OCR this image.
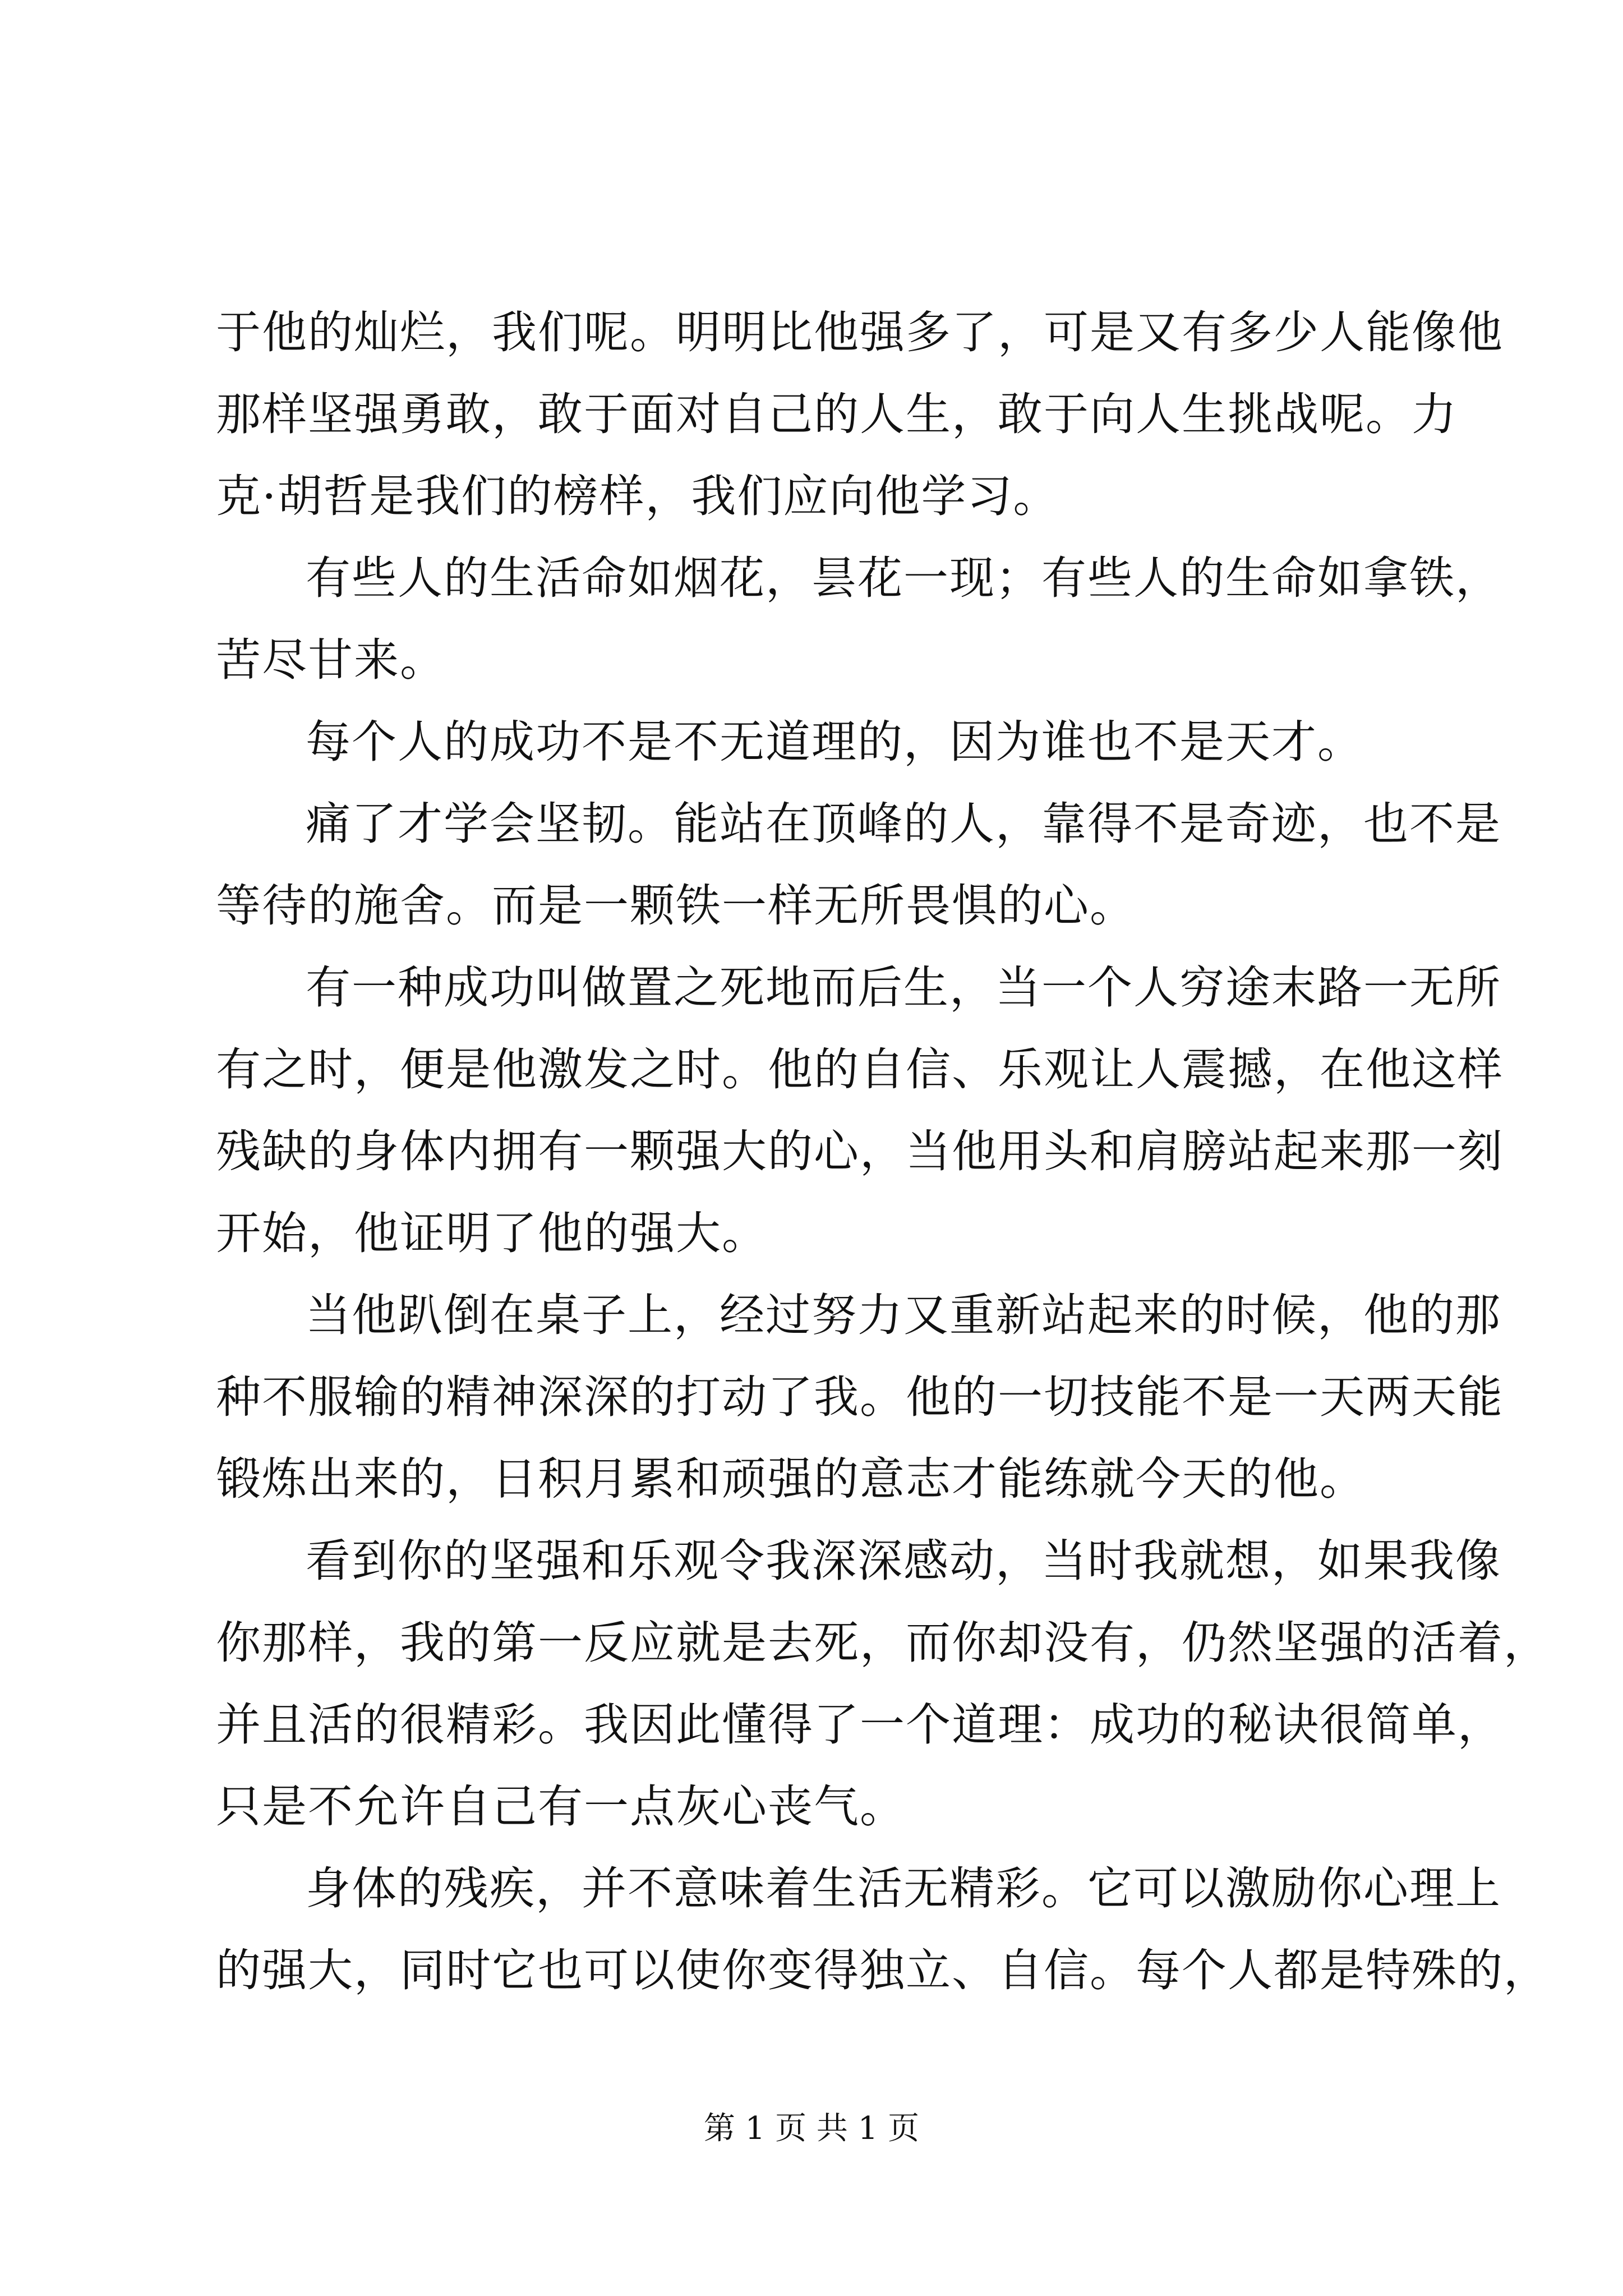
于他的灿烂，我们呢。明明比他强多了，可是又有多少人能像他
那样坚强勇敢，敢于面对自己的人生，敢于向人生挑战呢。力
克·胡哲是我们的榜样，我们应向他学习。
有些人的生活命如烟花，昙花一现；有些人的生命如拿铁，
苦尽甘来。
每个人的成功不是不无道理的，因为谁也不是天才。
痛了才学会坚韧。能站在顶峰的人，靠得不是奇迹，也不是
等待的施舍。而是一颗铁一样无所畏惧的心。
有一种成功叫做置之死地而后生，当一个人穷途末路一无所
有之时，便是他激发之时。他的自信、乐观让人震撼，在他这样
残缺的身体内拥有一颗强大的心，当他用头和肩膀站起来那一刻
开始，他证明了他的强大。
当他趴倒在桌子上，经过努力又重新站起来的时候，他的那
种不服输的精神深深的打动了我。他的一切技能不是一天两天能
锻炼出来的，日积月累和顽强的意志才能练就今天的他。
看到你的坚强和乐观令我深深感动，当时我就想，如果我像
你那样，我的第一反应就是去死，而你却没有，仍然坚强的活着，
并且活的很精彩。我因此懂得了一个道理：成功的秘诀很简单，
只是不允许自己有一点灰心丧气。
身体的残疾，并不意味着生活无精彩。它可以激励你心理上
的强大，同时它也可以使你变得独立、自信。每个人都是特殊的，
第 1 页 共 1 页
